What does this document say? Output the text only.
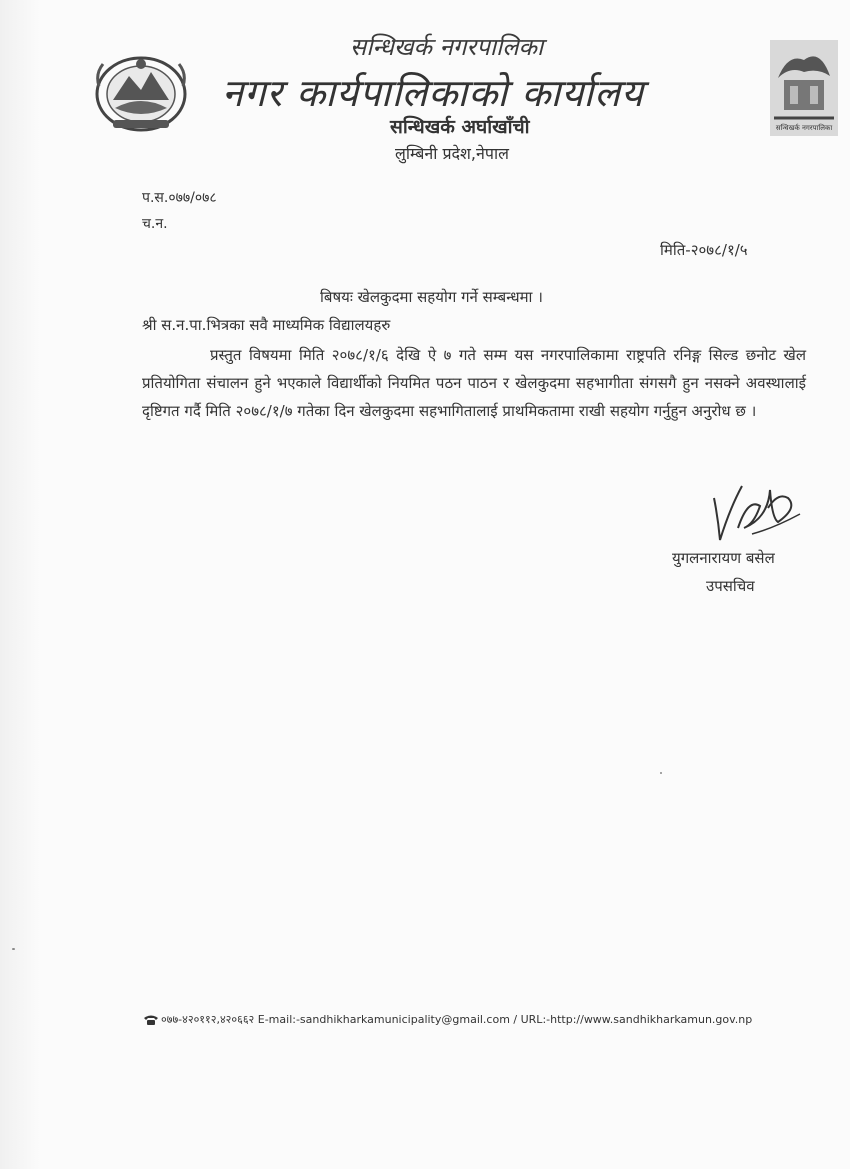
सन्धिखर्क नगरपालिका
नगर कार्यपालिकाको कार्यालय
सन्धिखर्क अर्घाखाँची
लुम्बिनी प्रदेश,नेपाल
सन्धिखर्क नगरपालिका
प.स.०७७/०७८
च.न.
मिति-२०७८/१/५
बिषयः खेलकुदमा सहयोग गर्ने सम्बन्धमा ।
श्री स.न.पा.भित्रका सवै माध्यमिक विद्यालयहरु
प्रस्तुत विषयमा मिति २०७८/१/६ देखि ऐ ७ गते सम्म यस नगरपालिकामा राष्ट्रपति रनिङ्ग सिल्ड छनोट खेल प्रतियोगिता संचालन हुने भएकाले विद्यार्थीको नियमित पठन पाठन र खेलकुदमा सहभागीता संगसगै हुन नसक्ने अवस्थालाई दृष्टिगत गर्दै मिति २०७८/१/७ गतेका दिन खेलकुदमा सहभागितालाई प्राथमिकतामा राखी सहयोग गर्नुहुन अनुरोध छ ।
युगलनारायण बसेल
उपसचिव
०७७-४२०११२,४२०६६२ E-mail:-sandhikharkamunicipality@gmail.com / URL:-http://www.sandhikharkamun.gov.np
